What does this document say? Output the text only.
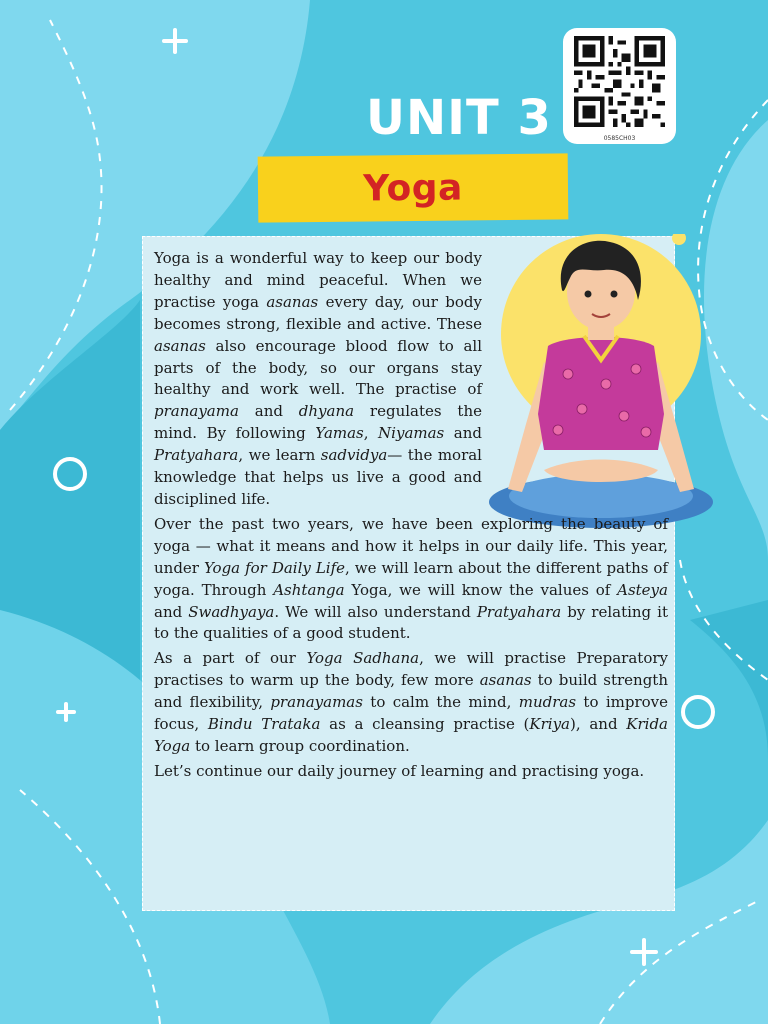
UNIT 3	0585CH03
Yoga

Yoga is a wonderful way to keep our body healthy and mind peaceful. When we practise yoga asanas every day, our body becomes strong, flexible and active. These asanas also encourage blood flow to all parts of the body, so our organs stay healthy and work well. The practise of pranayama and dhyana regulates the mind. By following Yamas, Niyamas and Pratyahara, we learn sadvidya— the moral knowledge that helps us live a good and disciplined life.

Over the past two years, we have been exploring the beauty of yoga — what it means and how it helps in our daily life. This year, under Yoga for Daily Life, we will learn about the different paths of yoga. Through Ashtanga Yoga, we will know the values of Asteya and Swadhyaya. We will also understand Pratyahara by relating it to the qualities of a good student.

As a part of our Yoga Sadhana, we will practise Preparatory practises to warm up the body, few more asanas to build strength and flexibility, pranayamas to calm the mind, mudras to improve focus, Bindu Trataka as a cleansing practise (Kriya), and Krida Yoga to learn group coordination.

Let’s continue our daily journey of learning and practising yoga.
